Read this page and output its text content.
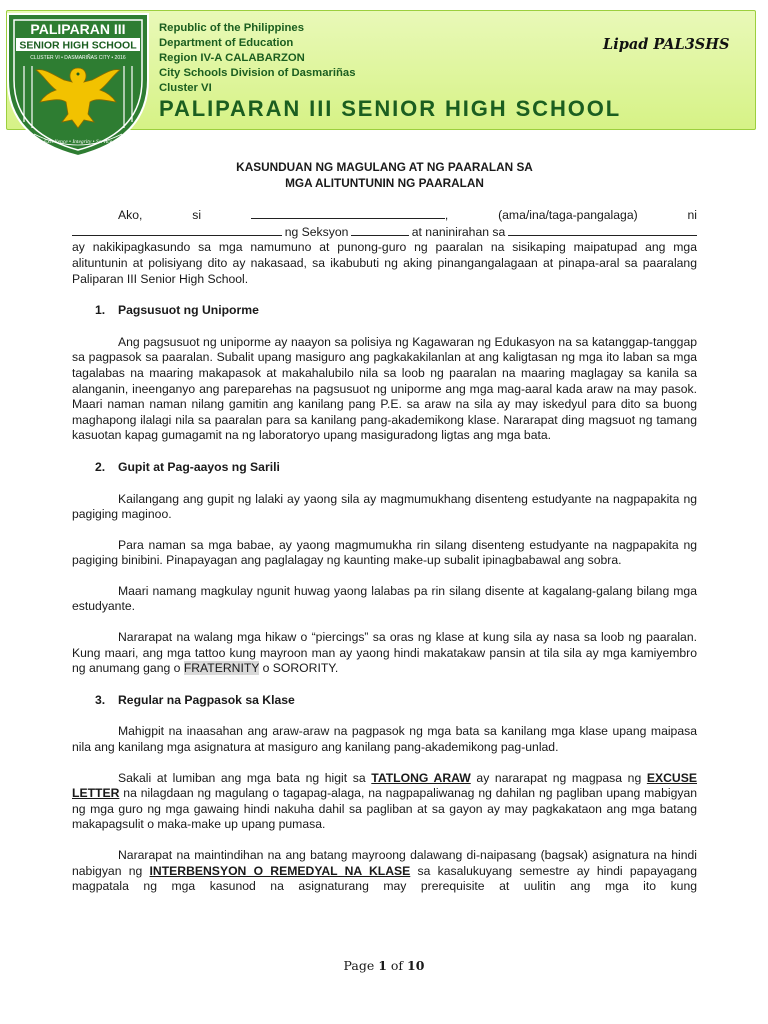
Lipad PAL3SHS
PALIPARAN III
SENIOR HIGH SCHOOL
CLUSTER VI • DASMARIÑAS CITY • 2016
Excellence • Integrity • Service
Republic of the Philippines
Department of Education
Region IV-A CALABARZON
City Schools Division of Dasmariñas
Cluster VI
PALIPARAN III SENIOR HIGH SCHOOL
KASUNDUAN NG MAGULANG AT NG PAARALAN SA
MGA ALITUNTUNIN NG PAARALAN
Ako,	si	,	(ama/ina/taga-pangalaga)	ni
ng Seksyon	at naninirahan sa

ay nakikipagkasundo sa mga namumuno at punong-guro ng paaralan na sisikaping maipatupad ang mga alituntunin at polisiyang dito ay nakasaad, sa ikabubuti ng aking pinangangalagaan at pinapa-aral sa paaralang Paliparan III Senior High School.

1. Pagsusuot ng Uniporme

Ang pagsusuot ng uniporme ay naayon sa polisiya ng Kagawaran ng Edukasyon na sa katanggap-tanggap sa pagpasok sa paaralan. Subalit upang masiguro ang pagkakakilanlan at ang kaligtasan ng mga ito laban sa mga tagalabas na maaring makapasok at makahalubilo nila sa loob ng paaralan na maaring maglagay sa kanila sa alanganin, ineenganyo ang pareparehas na pagsusuot ng uniporme ang mga mag-aaral kada araw na may pasok. Maari naman naman nilang gamitin ang kanilang pang P.E. sa araw na sila ay may iskedyul para dito sa buong maghapong ilalagi nila sa paaralan para sa kanilang pang-akademikong klase. Nararapat ding magsuot ng tamang kasuotan kapag gumagamit na ng laboratoryo upang masiguradong ligtas ang mga bata.

2. Gupit at Pag-aayos ng Sarili

Kailangang ang gupit ng lalaki ay yaong sila ay magmumukhang disenteng estudyante na nagpapakita ng pagiging maginoo.

Para naman sa mga babae, ay yaong magmumukha rin silang disenteng estudyante na nagpapakita ng pagiging binibini. Pinapayagan ang paglalagay ng kaunting make-up subalit ipinagbabawal ang sobra.

Maari namang magkulay ngunit huwag yaong lalabas pa rin silang disente at kagalang-galang bilang mga estudyante.

Nararapat na walang mga hikaw o “piercings” sa oras ng klase at kung sila ay nasa sa loob ng paaralan. Kung maari, ang mga tattoo kung mayroon man ay yaong hindi makatakaw pansin at tila sila ay mga kamiyembro ng anumang gang o FRATERNITY o SORORITY.

3. Regular na Pagpasok sa Klase

Mahigpit na inaasahan ang araw-araw na pagpasok ng mga bata sa kanilang mga klase upang maipasa nila ang kanilang mga asignatura at masiguro ang kanilang pang-akademikong pag-unlad.

Sakali at lumiban ang mga bata ng higit sa TATLONG ARAW ay nararapat ng magpasa ng EXCUSE LETTER na nilagdaan ng magulang o tagapag-alaga, na nagpapaliwanag ng dahilan ng pagliban upang mabigyan ng mga guro ng mga gawaing hindi nakuha dahil sa pagliban at sa gayon ay may pagkakataon ang mga batang makapagsulit o maka-make up upang pumasa.

Nararapat na maintindihan na ang batang mayroong dalawang di-naipasang (bagsak) asignatura na hindi nabigyan ng INTERBENSYON O REMEDYAL NA KLASE sa kasalukuyang semestre ay hindi papayagang magpatala ng mga kasunod na asignaturang may prerequisite at uulitin ang mga ito kung

Page 1 of 10
